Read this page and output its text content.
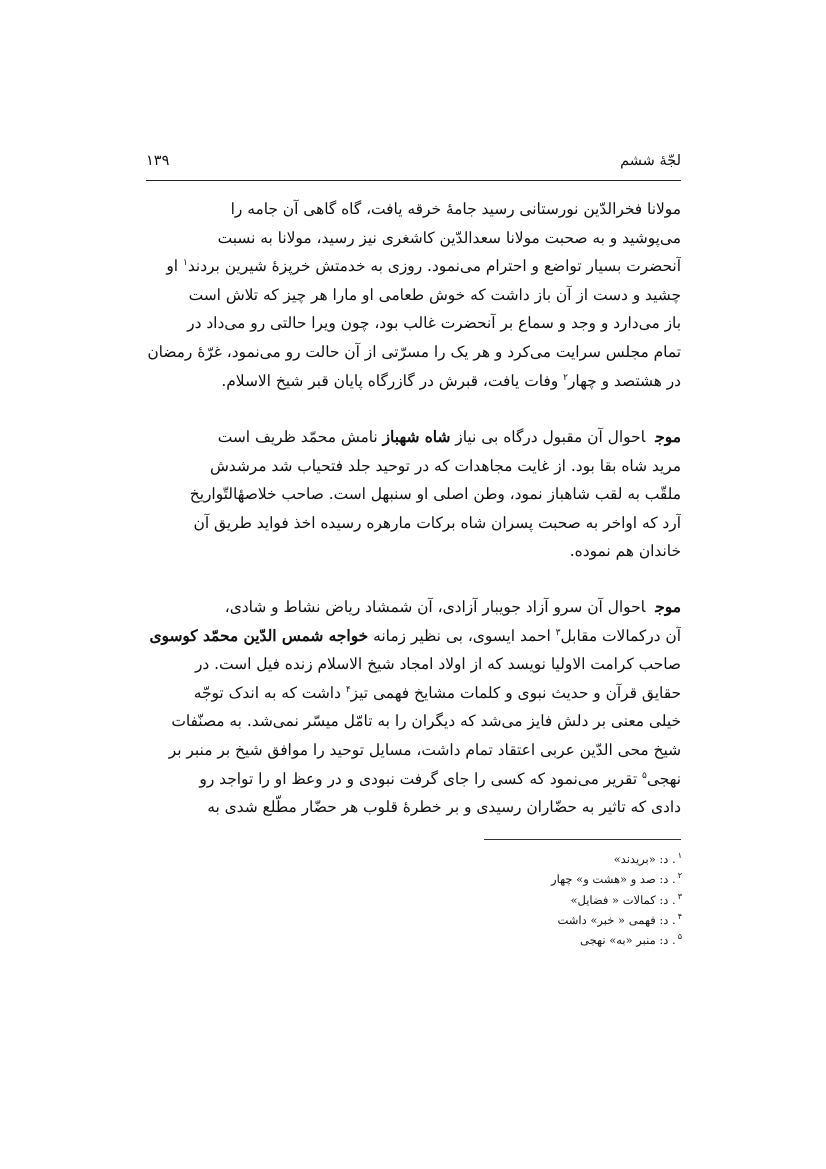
لجّهٔ ششم
۱۳۹
مولانا فخرالدّین نورستانی رسید جامهٔ خرقه یافت، گاه گاهی آن جامه را
می‌پوشید و به صحبت مولانا سعدالدّین کاشغری نیز رسید، مولانا به نسبت
آنحضرت بسیار تواضع و احترام می‌نمود. روزی به خدمتش خرپزهٔ شیرین بردند$^۱$ او
چشید و دست از آن باز داشت که خوش طعامی او مارا هر چیز که تلاش است
باز می‌دارد و وجد و سماع بر آنحضرت غالب بود، چون ویرا حالتی رو می‌داد در
تمام مجلس سرایت می‌کرد و هر یک را مسرّتی از آن حالت رو می‌نمود، غرّهٔ رمضان
در هشتصد و چهار$^۲$ وفات یافت، قبرش در گازرگاه پایان قبر شیخ الاسلام.
موجاحوال آن مقبول درگاه بی نیاز شاه شهباز نامش محمّد ظریف است
مرید شاه بقا بود. از غایت مجاهدات که در توحید جلد فتحیاب شد مرشدش
ملقّب به لقب شاهباز نمود، وطن اصلی او سنبهل است. صاحب خلاصهٔالتّواریخ
آرد که اواخر به صحبت پسران شاه برکات مارهره رسیده اخذ فواید طریق آن
خاندان هم نموده.
موجاحوال آن سرو آزاد جویبار آزادی، آن شمشاد ریاض نشاط و شادی،
آن درکمالات مقابل$^۳$ احمد ایسوی، بی نظیر زمانه خواجه شمس الدّین محمّد کوسوی
صاحب کرامت الاولیا نویسد که از اولاد امجاد شیخ الاسلام زنده فیل است. در
حقایق قرآن و حدیث نبوی و کلمات مشایخ فهمی تیز$^۴$ داشت که به اندک توجّه
خیلی معنی بر دلش فایز می‌شد که دیگران را به تامّل میسّر نمی‌شد. به مصنّفات
شیخ محی الدّین عربی اعتقاد تمام داشت، مسایل توحید را موافق شیخ بر منبر بر
نهجی$^۵$ تقریر می‌نمود که کسی را جای گرفت نبودی و در وعظ او را تواجد رو
دادی که تاثیر به حضّاران رسیدی و بر خطرهٔ قلوب هر حضّار مطّلع شدی به
$^۱$. د: «بریدند»
$^۲$. د: صد و «هشت و» چهار
$^۳$. د: کمالات « فضایل»
$^۴$. د: فهمی « خبر» داشت
$^۵$. د: منبر «به» نهجی
